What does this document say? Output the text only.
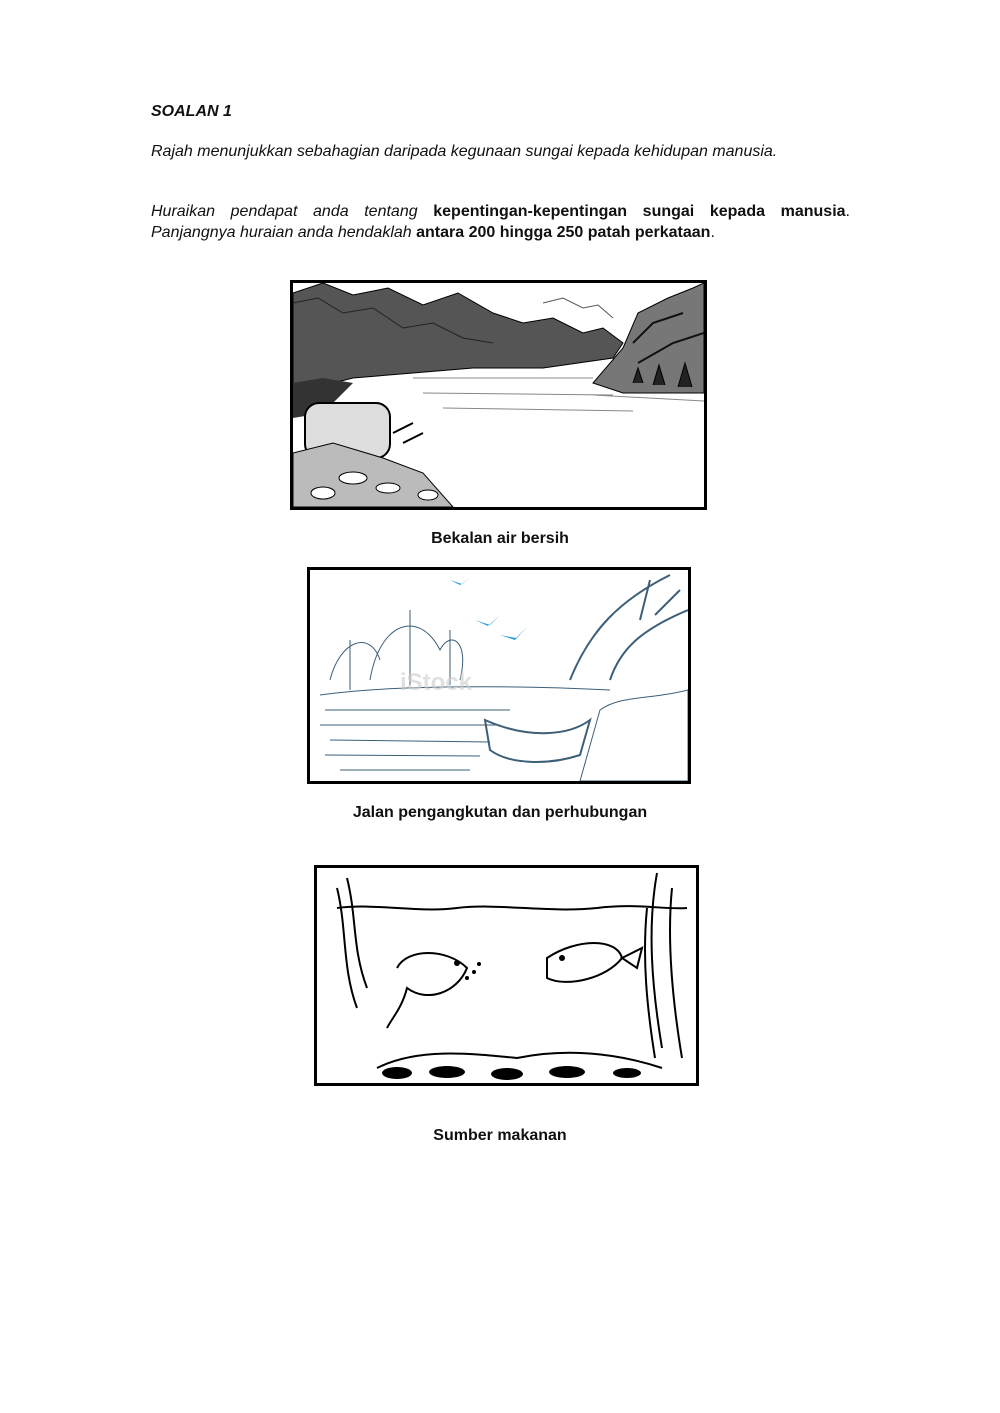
SOALAN 1
Rajah menunjukkan sebahagian daripada kegunaan sungai kepada kehidupan manusia.
Huraikan pendapat anda tentang kepentingan-kepentingan sungai kepada manusia. Panjangnya huraian anda hendaklah antara 200 hingga 250 patah perkataan.
Bekalan air bersih
iStock
Jalan pengangkutan dan perhubungan
Sumber makanan
